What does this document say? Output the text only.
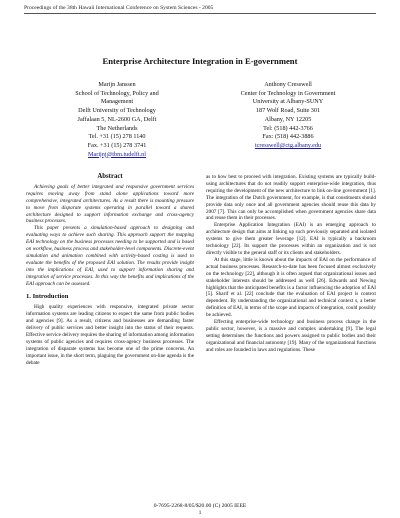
Proceedings of the 38th Hawaii International Conference on System Sciences - 2005
Enterprise Architecture Integration in E-government
Marijn Janssen
School of Technology, Policy and
Management
Delft University of Technology
Jaffalaan 5, NL-2600 GA, Delft
The Netherlands
Tel. +31 (15) 278 1140
Fax. +31 (15) 278 3741
Marijnj@tbm.tudelft.nl
Anthony Cresswell
Center for Technology in Government
University at Albany-SUNY
187 Wolf Road, Suite 301
Albany, NY 12205
Tel: (518) 442-3766
Fax: (518) 442-3886
tcresswell@ctg.albany.edu
Abstract

Achieving goals of better integrated and responsive government services requires moving away from stand alone applications toward more comprehensive, integrated architectures. As a result there is mounting pressure to move from disparate systems operating in parallel toward a shared architecture designed to support information exchange and cross-agency business processes.

This paper presents a simulation-based approach to designing and evaluating ways to achieve such sharing. This approach support the mapping EAI technology on the business processes needing to be supported and is based on workflow, business process and stakeholder-level components. Discrete-event simulation and animation combined with activity-based costing is used to evaluate the benefits of the proposed EAI solution. The results provide insight into the implications of EAI, used to support information sharing and integration of service processes. In this way the benefits and implications of the EAI approach can be assessed.

1. Introduction

High quality experiences with responsive, integrated private sector information systems are leading citizens to expect the same from public bodies and agencies [9]. As a result, citizens and businesses are demanding faster delivery of public services and better insight into the status of their requests. Effective service delivery requires the sharing of information among information systems of public agencies and requires cross-agency business processes. The integration of disparate systems has become one of the prime concerns. An important issue, in the short term, plaguing the government on-line agenda is the debate

as to how best to proceed with integration. Existing systems are typically build-using architectures that do not readily support enterprise-wide integration, thus requiring the development of the new architecture to link on-line government [1]. The integration of the Dutch government, for example, is that constituents should provide data only once and all government agencies should reuse this data by 2007 [7]. This can only be accomplished when government agencies share data and reuse them in their processes.

Enterprise Application Integration (EAI) is an emerging approach to architecture design that aims at linking up such previously separated and isolated systems to give them greater leverage [12]. EAI is typically a backroom technology [22]. Its support the processes within an organization and is not directly visible to the general staff or its clients and stakeholders.

At this stage, little is known about the impacts of EAI on the performance of actual business processes. Research-to-date has been focused almost exclusively on the technology [22], although it is often argued that organizational issues and stakeholder interests should be addressed as well [26]. Edwards and Newing highlights that the anticipated benefits is a factor influencing the adoption of EAI [5]. Sharif et al. [22] conclude that the evaluation of EAI project is context dependent. By understanding the organizational and technical context s, a better definition of EAI, in terms of the scope and impacts of integration, could possibly be achieved.

Effecting enterprise-wide technology and business process change in the public sector, however, is a massive and complex undertaking [9]. The legal setting determines the functions and powers assigned to public bodies and their organizational and financial autonomy [19]. Many of the organizational functions and roles are founded in laws and regulations. These

0-7695-2268-8/05/$20.00 (C) 2005 IEEE
1
